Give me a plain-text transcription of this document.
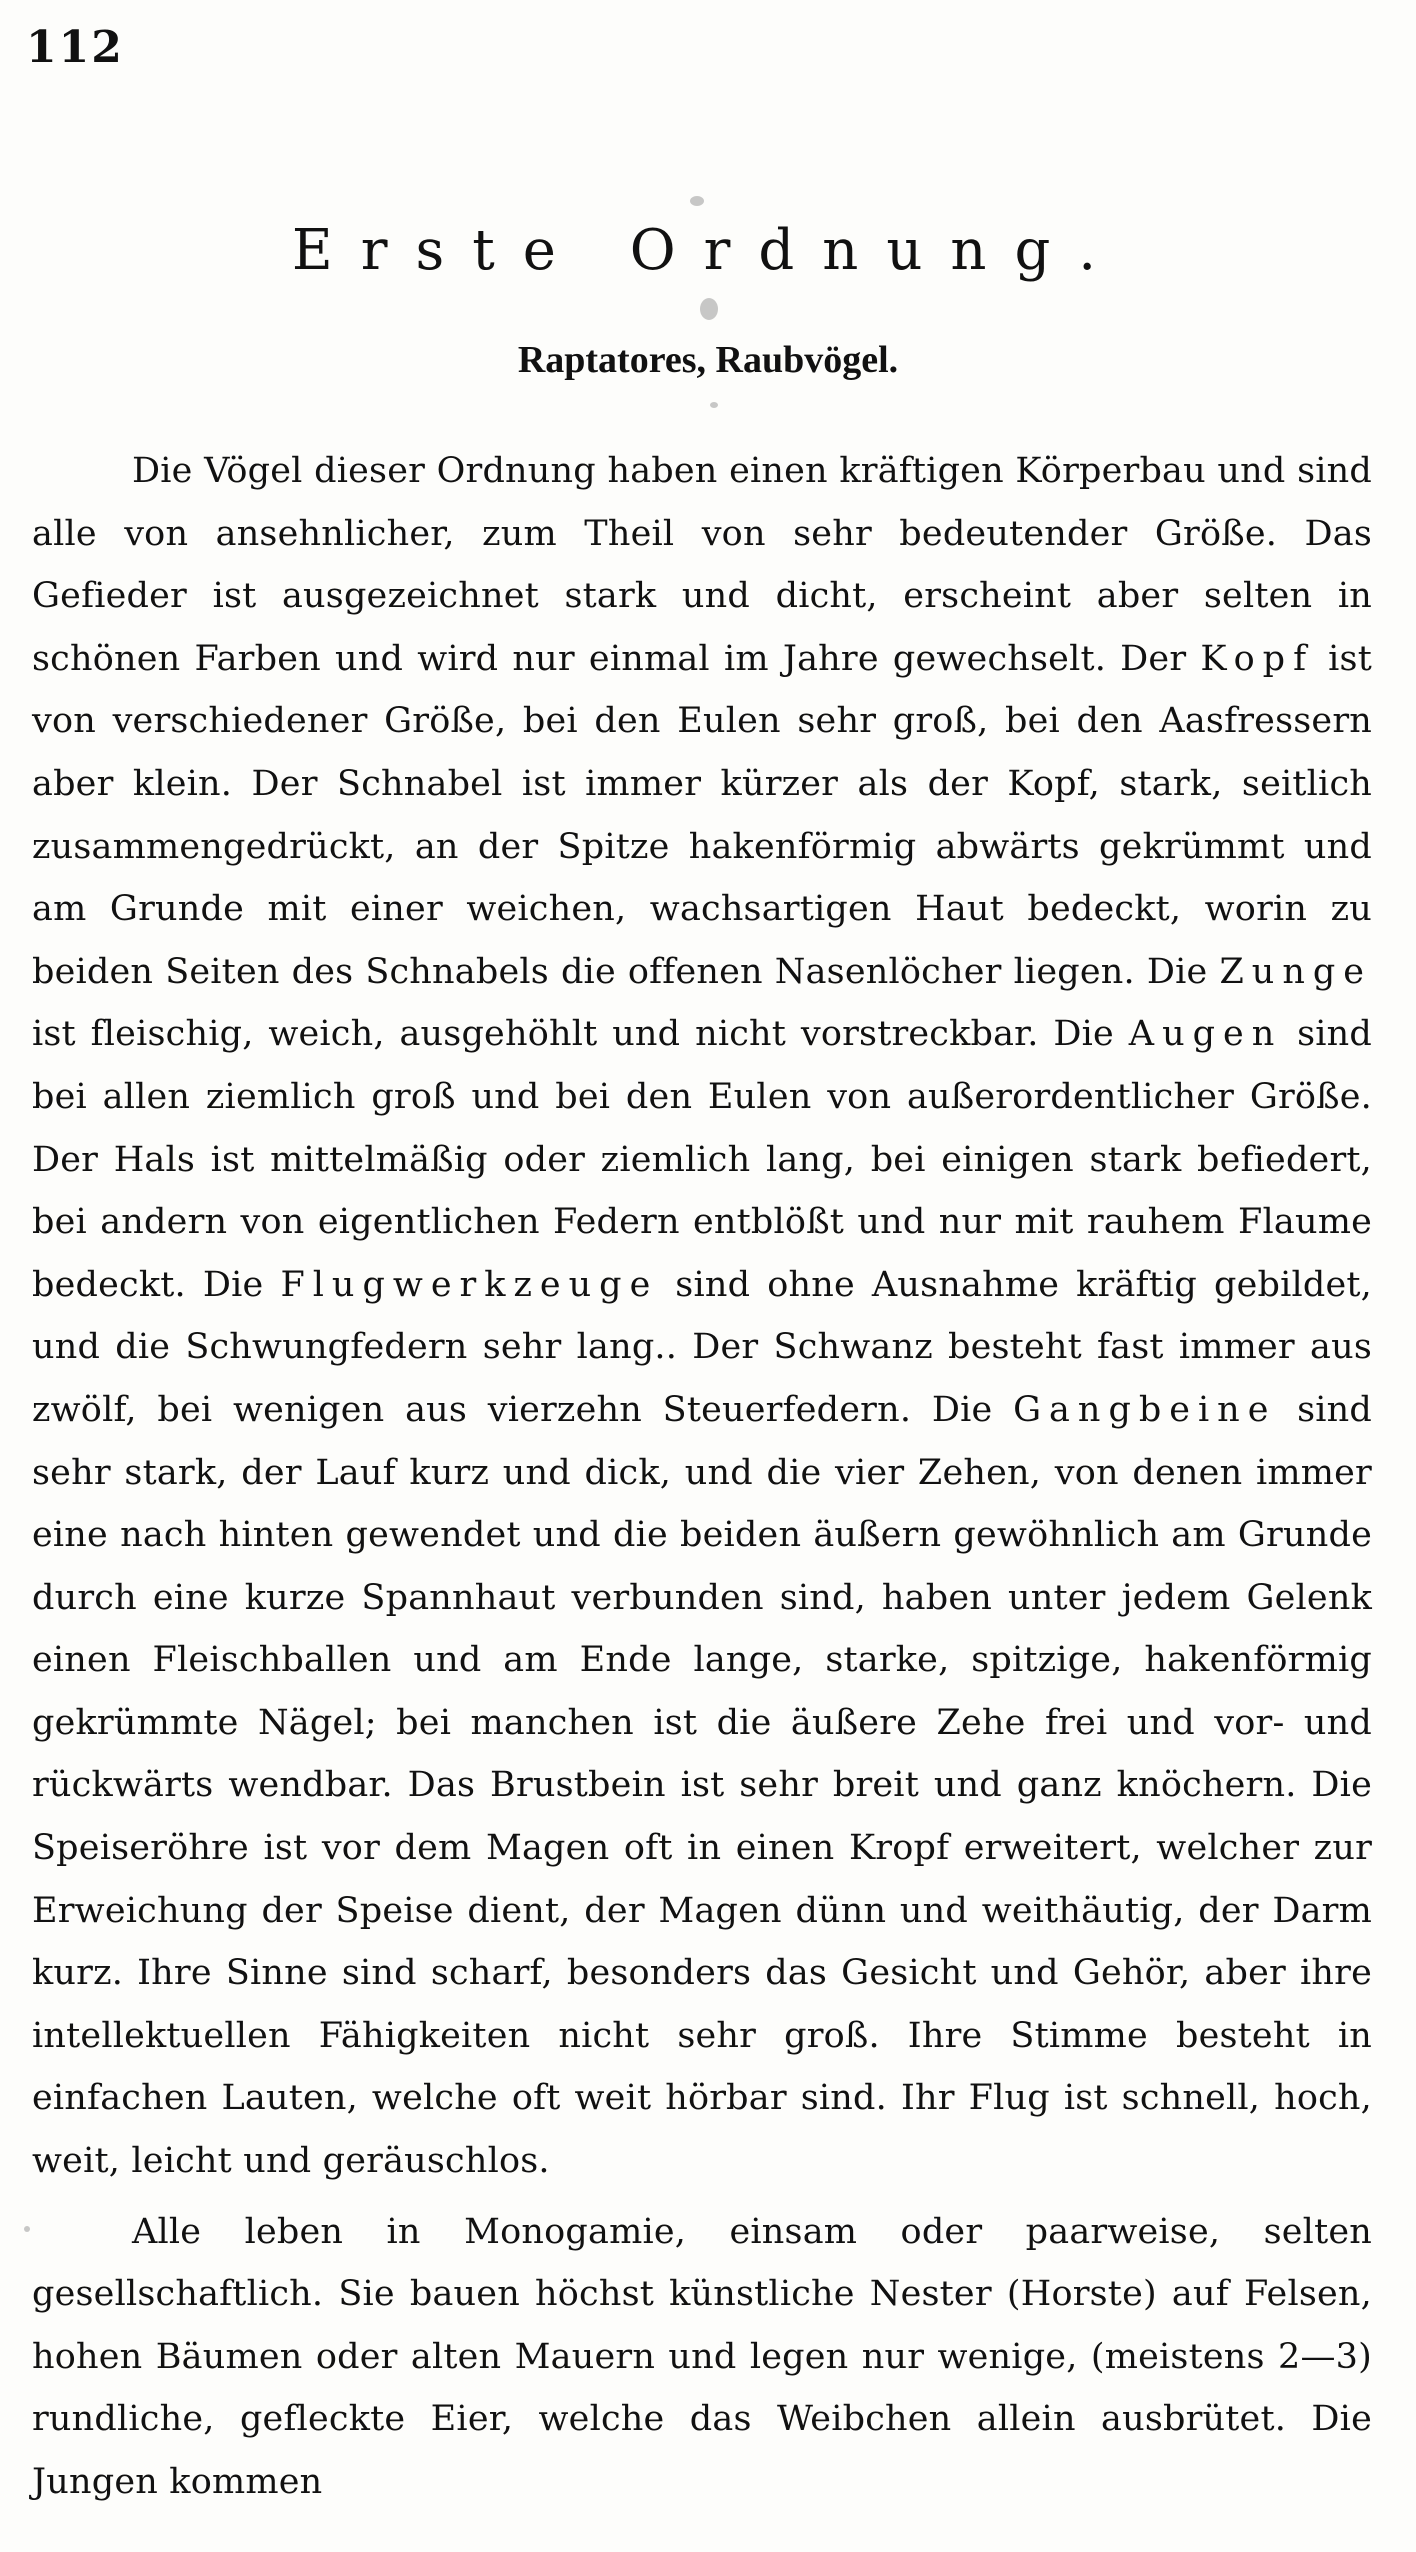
112
Erste Ordnung.
Raptatores, Raubvögel.

Die Vögel dieser Ordnung haben einen kräftigen Körperbau und sind alle von ansehnlicher, zum Theil von sehr bedeutender Größe. Das Gefieder ist ausgezeichnet stark und dicht, erscheint aber selten in schönen Farben und wird nur einmal im Jahre gewechselt. Der Kopf ist von verschiedener Größe, bei den Eulen sehr groß, bei den Aasfressern aber klein. Der Schnabel ist immer kürzer als der Kopf, stark, seitlich zusammengedrückt, an der Spitze hakenförmig abwärts gekrümmt und am Grunde mit einer weichen, wachsartigen Haut bedeckt, worin zu beiden Seiten des Schnabels die offenen Nasenlöcher liegen. Die Zunge ist fleischig, weich, ausgehöhlt und nicht vorstreckbar. Die Augen sind bei allen ziemlich groß und bei den Eulen von außerordentlicher Größe. Der Hals ist mittelmäßig oder ziemlich lang, bei einigen stark befiedert, bei andern von eigentlichen Federn entblößt und nur mit rauhem Flaume bedeckt. Die Flugwerkzeuge sind ohne Ausnahme kräftig gebildet, und die Schwungfedern sehr lang.. Der Schwanz besteht fast immer aus zwölf, bei wenigen aus vierzehn Steuerfedern. Die Gangbeine sind sehr stark, der Lauf kurz und dick, und die vier Zehen, von denen immer eine nach hinten gewendet und die beiden äußern gewöhnlich am Grunde durch eine kurze Spannhaut verbunden sind, haben unter jedem Gelenk einen Fleischballen und am Ende lange, starke, spitzige, hakenförmig gekrümmte Nägel; bei manchen ist die äußere Zehe frei und vor- und rückwärts wendbar. Das Brustbein ist sehr breit und ganz knöchern. Die Speiseröhre ist vor dem Magen oft in einen Kropf erweitert, welcher zur Erweichung der Speise dient, der Magen dünn und weithäutig, der Darm kurz. Ihre Sinne sind scharf, besonders das Gesicht und Gehör, aber ihre intellektuellen Fähigkeiten nicht sehr groß. Ihre Stimme besteht in einfachen Lauten, welche oft weit hörbar sind. Ihr Flug ist schnell, hoch, weit, leicht und geräuschlos.

Alle leben in Monogamie, einsam oder paarweise, selten gesellschaftlich. Sie bauen höchst künstliche Nester (Horste) auf Felsen, hohen Bäumen oder alten Mauern und legen nur wenige, (meistens 2—3) rundliche, gefleckte Eier, welche das Weibchen allein ausbrütet. Die Jungen kommen
